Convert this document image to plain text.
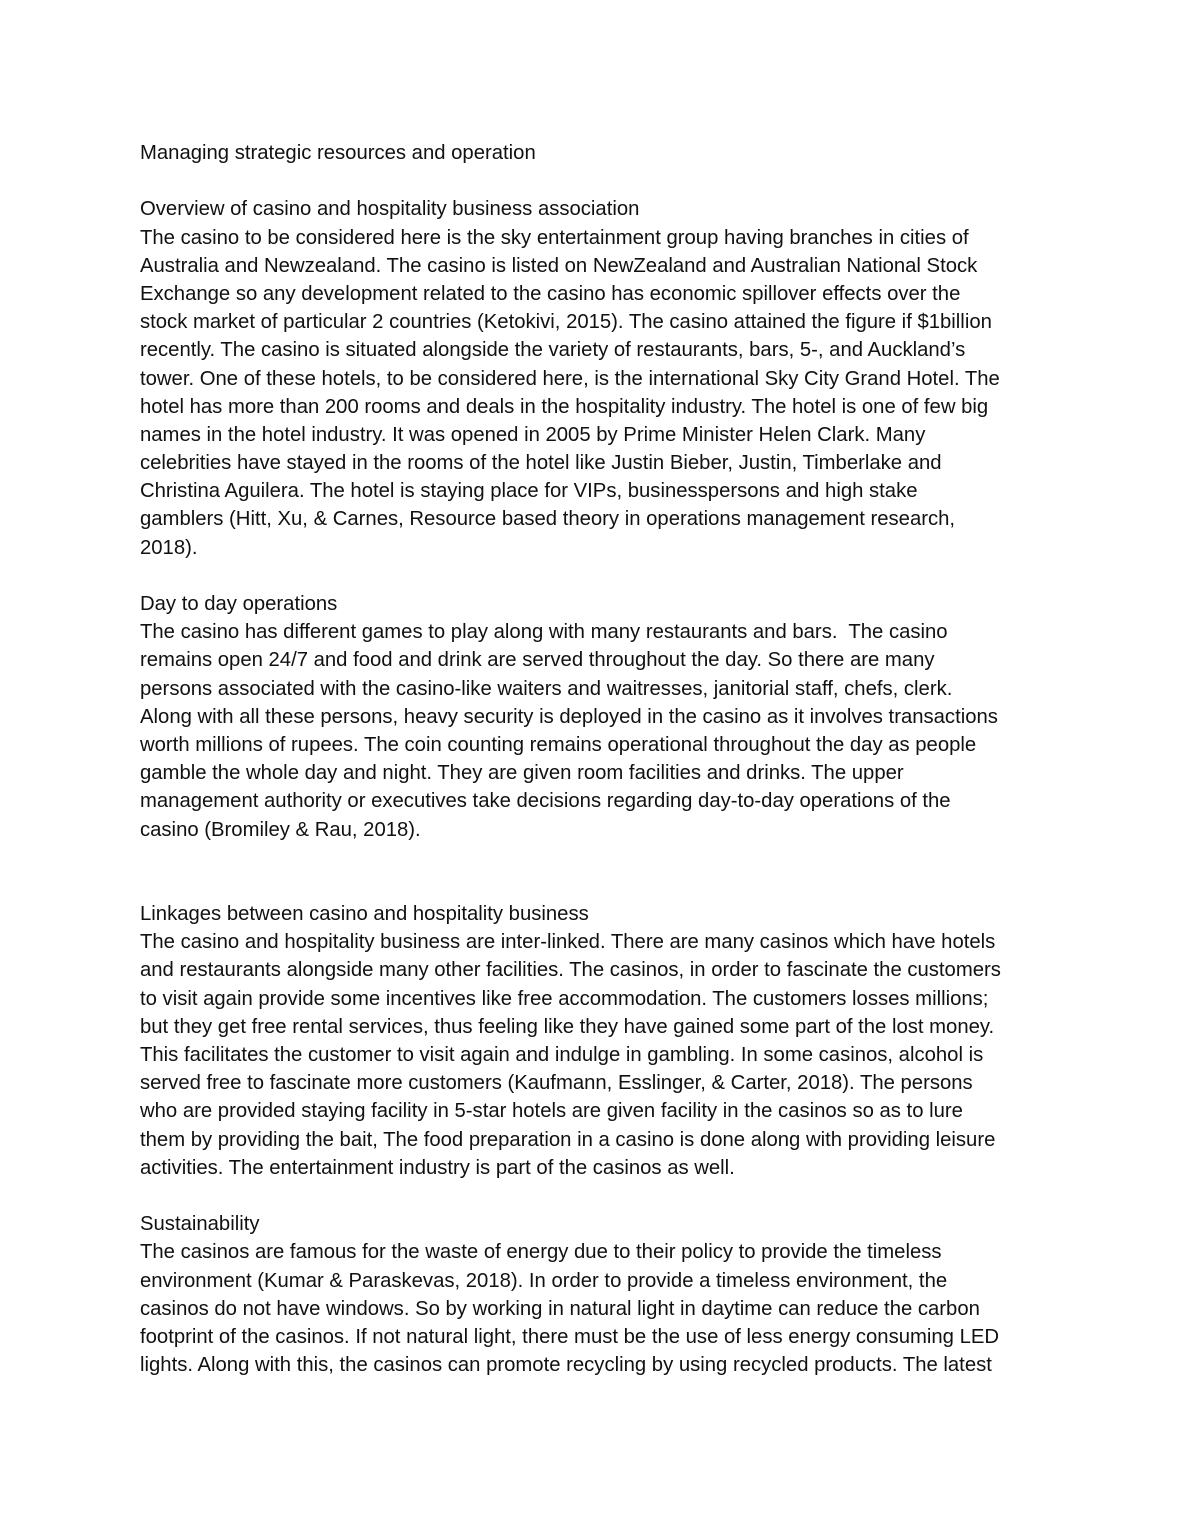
Managing strategic resources and operation
Overview of casino and hospitality business association
The casino to be considered here is the sky entertainment group having branches in cities of
Australia and Newzealand. The casino is listed on NewZealand and Australian National Stock
Exchange so any development related to the casino has economic spillover effects over the
stock market of particular 2 countries (Ketokivi, 2015). The casino attained the figure if $1billion
recently. The casino is situated alongside the variety of restaurants, bars, 5-, and Auckland’s
tower. One of these hotels, to be considered here, is the international Sky City Grand Hotel. The
hotel has more than 200 rooms and deals in the hospitality industry. The hotel is one of few big
names in the hotel industry. It was opened in 2005 by Prime Minister Helen Clark. Many
celebrities have stayed in the rooms of the hotel like Justin Bieber, Justin, Timberlake and
Christina Aguilera. The hotel is staying place for VIPs, businesspersons and high stake
gamblers (Hitt, Xu, & Carnes, Resource based theory in operations management research,
2018).
Day to day operations
The casino has different games to play along with many restaurants and bars.  The casino
remains open 24/7 and food and drink are served throughout the day. So there are many
persons associated with the casino-like waiters and waitresses, janitorial staff, chefs, clerk.
Along with all these persons, heavy security is deployed in the casino as it involves transactions
worth millions of rupees. The coin counting remains operational throughout the day as people
gamble the whole day and night. They are given room facilities and drinks. The upper
management authority or executives take decisions regarding day-to-day operations of the
casino (Bromiley & Rau, 2018).
Linkages between casino and hospitality business
The casino and hospitality business are inter-linked. There are many casinos which have hotels
and restaurants alongside many other facilities. The casinos, in order to fascinate the customers
to visit again provide some incentives like free accommodation. The customers losses millions;
but they get free rental services, thus feeling like they have gained some part of the lost money.
This facilitates the customer to visit again and indulge in gambling. In some casinos, alcohol is
served free to fascinate more customers (Kaufmann, Esslinger, & Carter, 2018). The persons
who are provided staying facility in 5-star hotels are given facility in the casinos so as to lure
them by providing the bait, The food preparation in a casino is done along with providing leisure
activities. The entertainment industry is part of the casinos as well.
Sustainability
The casinos are famous for the waste of energy due to their policy to provide the timeless
environment (Kumar & Paraskevas, 2018). In order to provide a timeless environment, the
casinos do not have windows. So by working in natural light in daytime can reduce the carbon
footprint of the casinos. If not natural light, there must be the use of less energy consuming LED
lights. Along with this, the casinos can promote recycling by using recycled products. The latest
